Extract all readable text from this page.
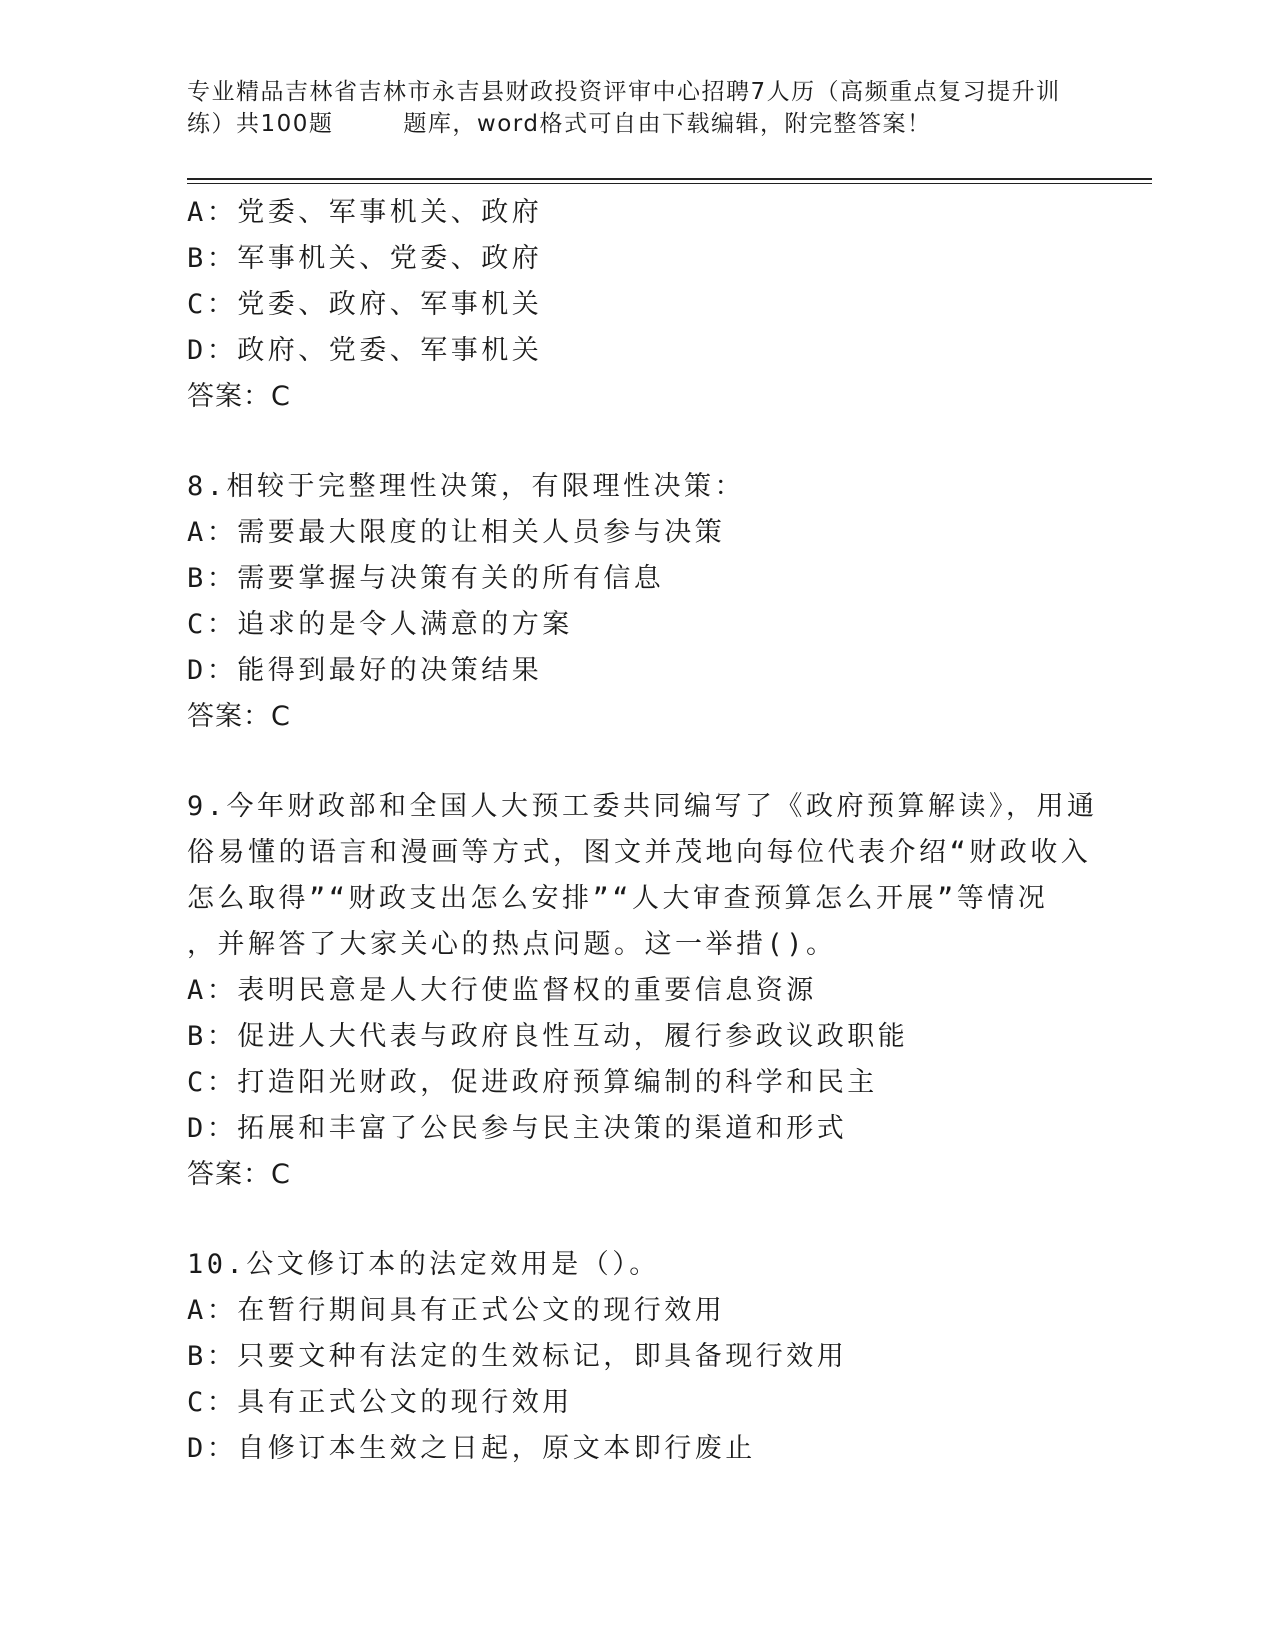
专业精品吉林省吉林市永吉县财政投资评审中心招聘7人历（高频重点复习提升训
练）共100题	题库，word格式可自由下载编辑，附完整答案！
A：党委、军事机关、政府
B：军事机关、党委、政府
C：党委、政府、军事机关
D：政府、党委、军事机关
答案：C
8.相较于完整理性决策，有限理性决策：
A：需要最大限度的让相关人员参与决策
B：需要掌握与决策有关的所有信息
C：追求的是令人满意的方案
D：能得到最好的决策结果
答案：C
9.今年财政部和全国人大预工委共同编写了《政府预算解读》，用通
俗易懂的语言和漫画等方式，图文并茂地向每位代表介绍“财政收入
怎么取得”“财政支出怎么安排”“人大审查预算怎么开展”等情况
，并解答了大家关心的热点问题。这一举措()。
A：表明民意是人大行使监督权的重要信息资源
B：促进人大代表与政府良性互动，履行参政议政职能
C：打造阳光财政，促进政府预算编制的科学和民主
D：拓展和丰富了公民参与民主决策的渠道和形式
答案：C
10.公文修订本的法定效用是（）。
A：在暂行期间具有正式公文的现行效用
B：只要文种有法定的生效标记，即具备现行效用
C：具有正式公文的现行效用
D：自修订本生效之日起，原文本即行废止
